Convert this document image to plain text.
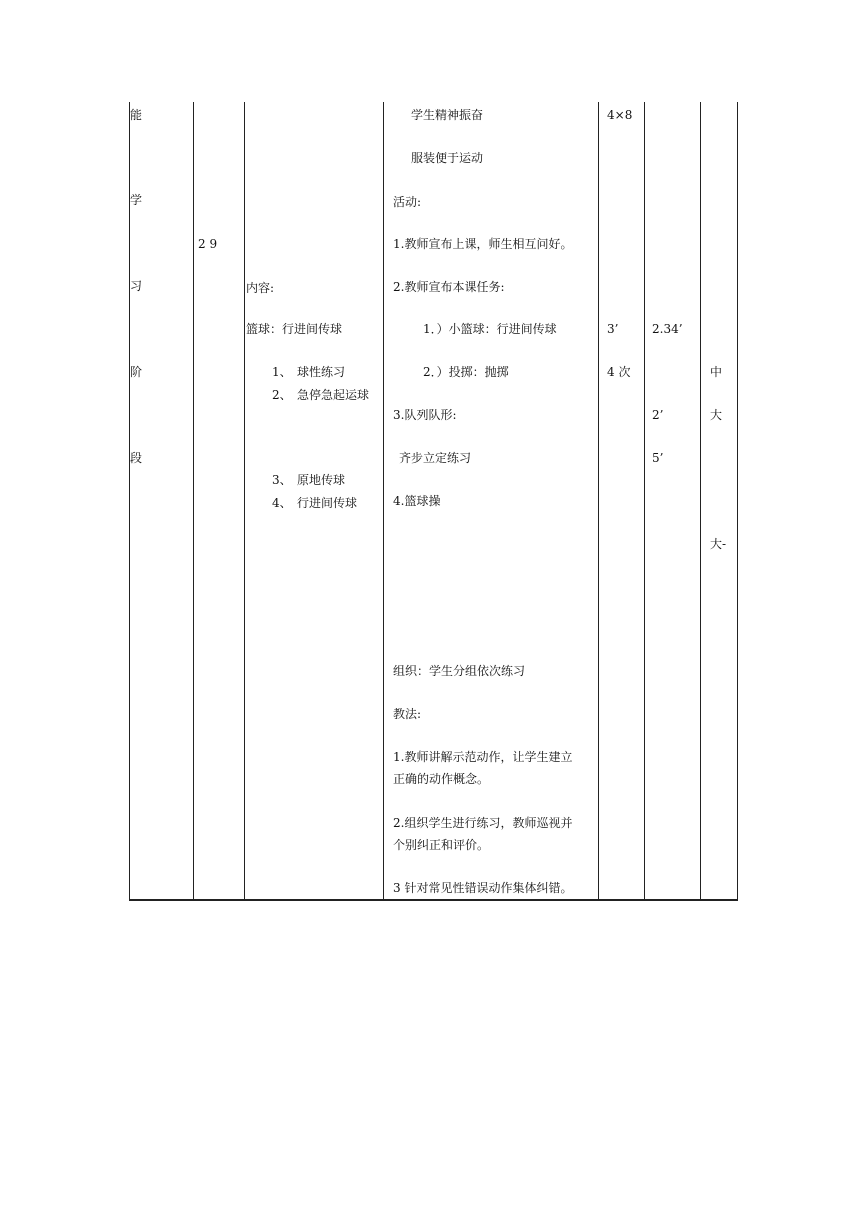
能
学
习
阶
段
2 9
内容:
篮球：行进间传球
1、 球性练习
2、 急停急起运球
3、 原地传球
4、 行进间传球
学生精神振奋
服装便于运动
活动:
1.教师宣布上课，师生相互问好。
2.教师宣布本课任务:
1．）小篮球：行进间传球
2．）投掷：抛掷
3.队列队形:
齐步立定练习
4.篮球操
组织：学生分组依次练习
教法:
1.教师讲解示范动作，让学生建立
正确的动作概念。
2.组织学生进行练习，教师巡视并
个别纠正和评价。
3 针对常见性错误动作集体纠错。
4×8
3’
4 次
2.34’
2’
5’
中
大
大-
